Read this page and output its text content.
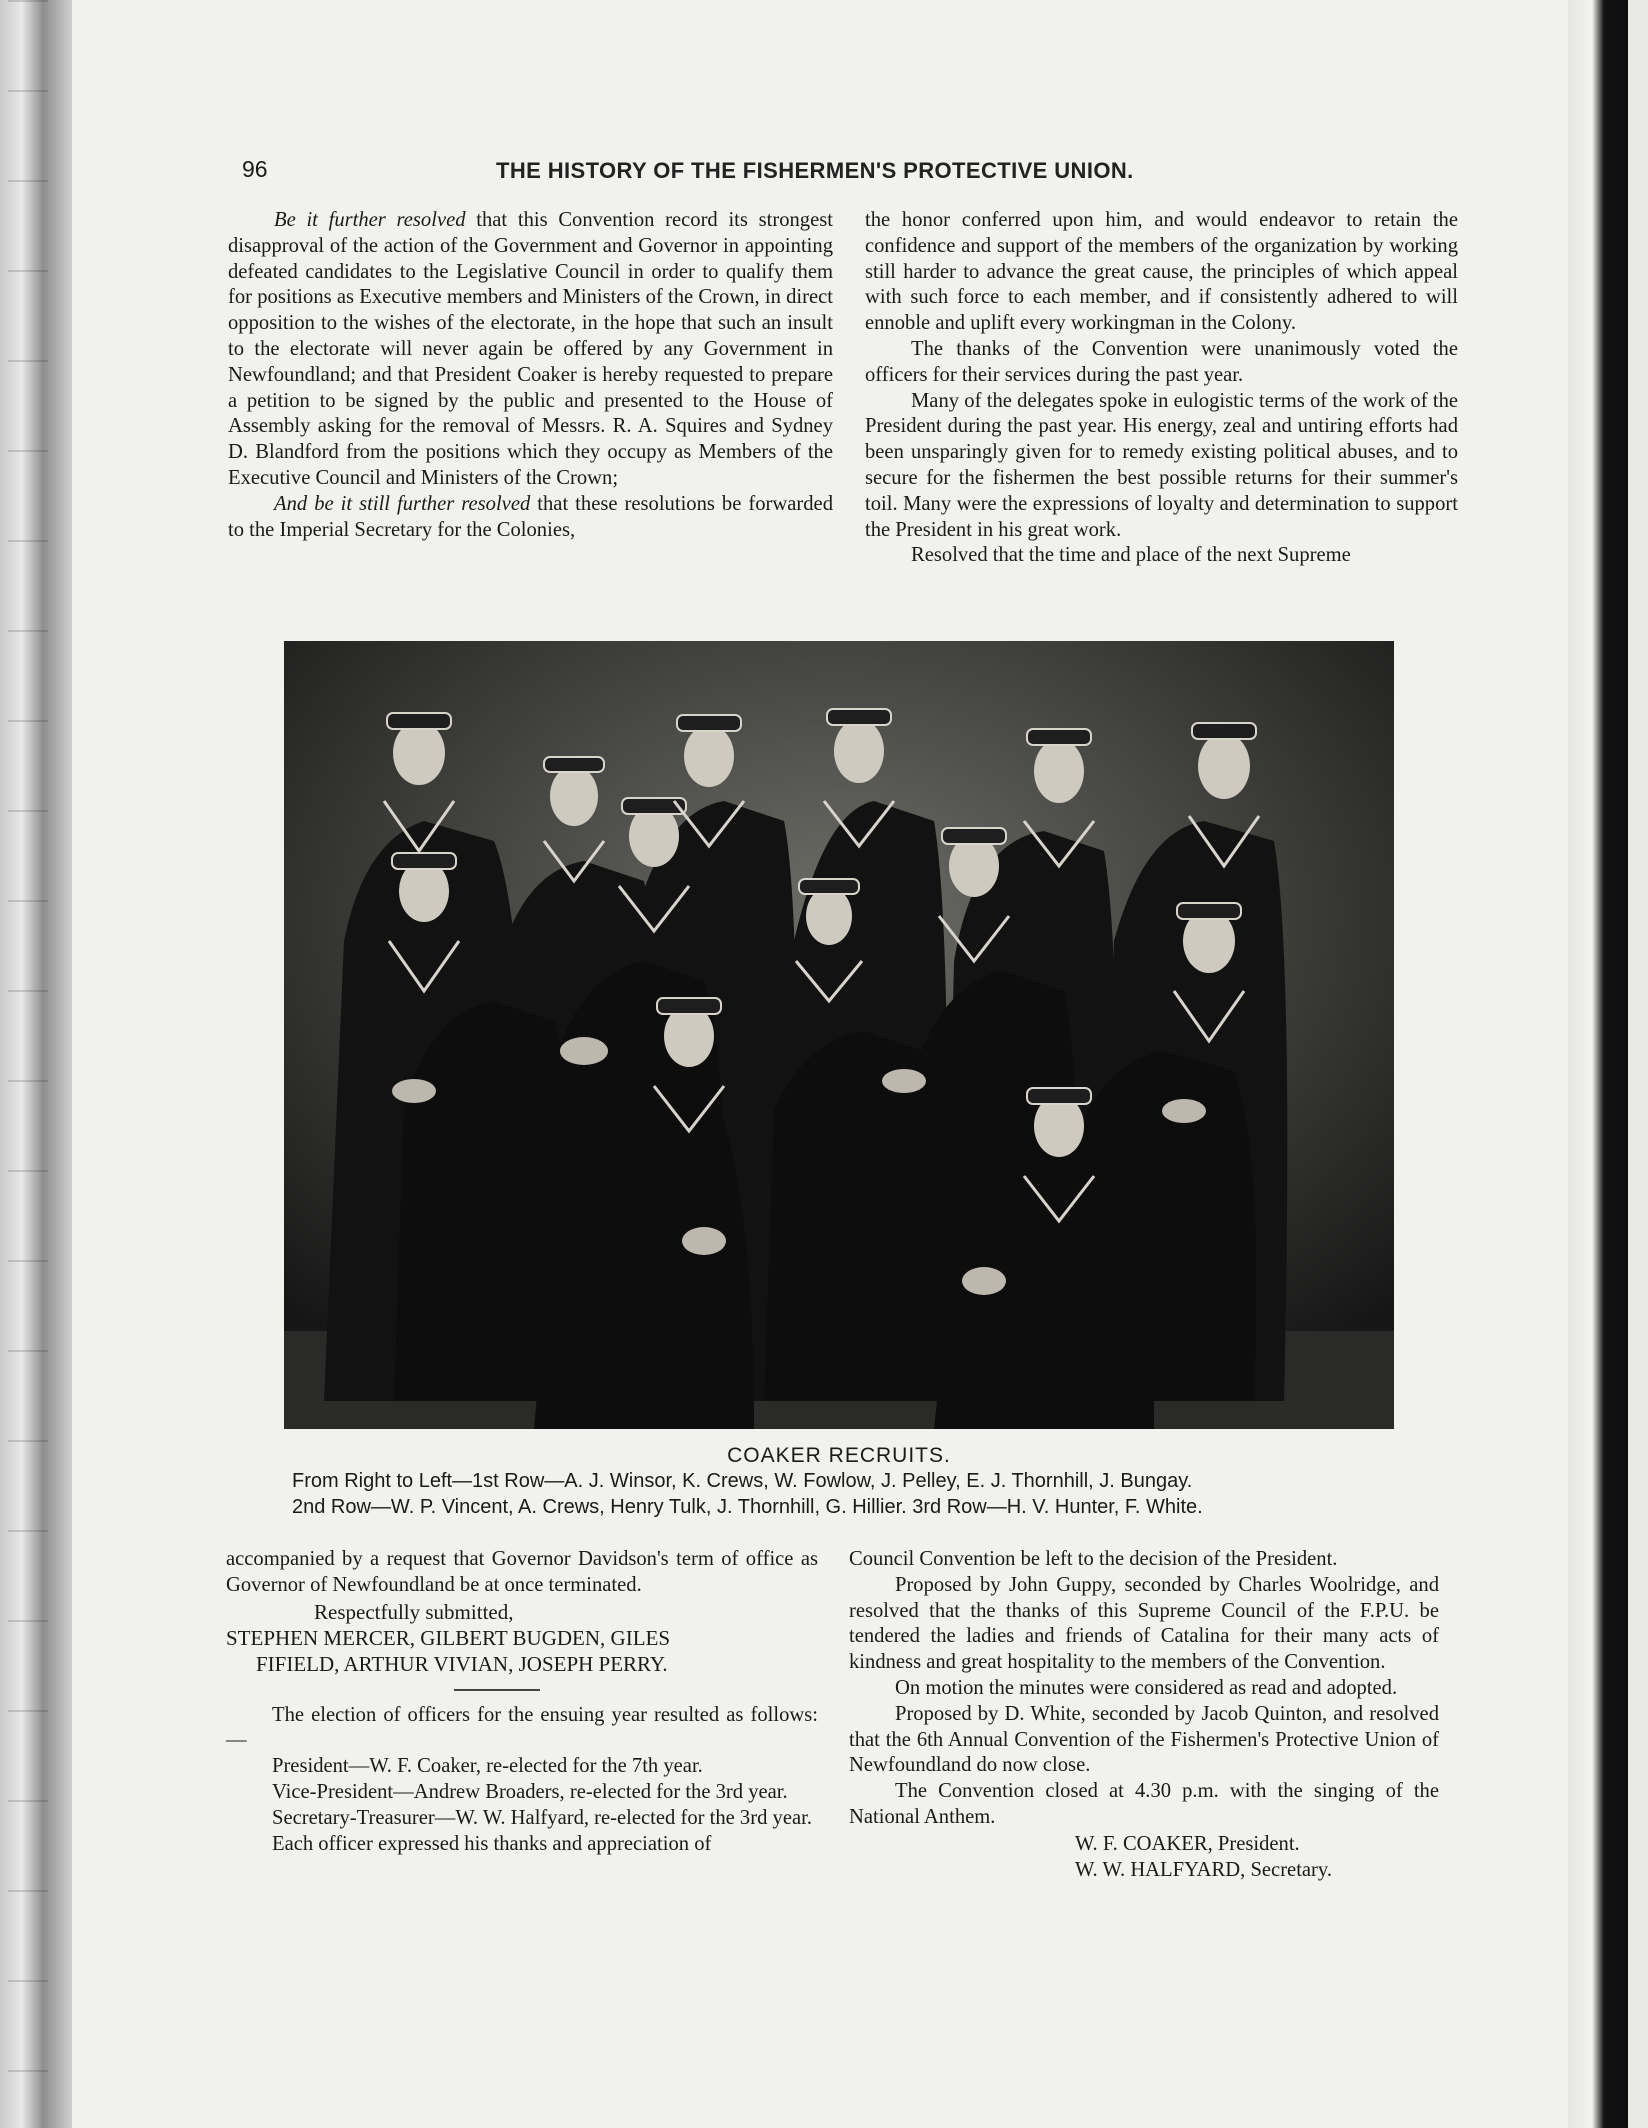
96	THE HISTORY OF THE FISHERMEN'S PROTECTIVE UNION.

Be it further resolved that this Convention record its strongest disapproval of the action of the Government and Governor in appointing defeated candidates to the Legislative Council in order to qualify them for positions as Executive members and Ministers of the Crown, in direct opposition to the wishes of the electorate, in the hope that such an insult to the electorate will never again be offered by any Government in Newfoundland; and that President Coaker is hereby requested to prepare a petition to be signed by the public and presented to the House of Assembly asking for the removal of Messrs. R. A. Squires and Sydney D. Blandford from the positions which they occupy as Members of the Executive Council and Ministers of the Crown;

And be it still further resolved that these resolutions be forwarded to the Imperial Secretary for the Colonies,

the honor conferred upon him, and would endeavor to retain the confidence and support of the members of the organization by working still harder to advance the great cause, the principles of which appeal with such force to each member, and if consistently adhered to will ennoble and uplift every workingman in the Colony.

The thanks of the Convention were unanimously voted the officers for their services during the past year.

Many of the delegates spoke in eulogistic terms of the work of the President during the past year. His energy, zeal and untiring efforts had been unsparingly given for to remedy existing political abuses, and to secure for the fishermen the best possible returns for their summer's toil. Many were the expressions of loyalty and determination to support the President in his great work.

Resolved that the time and place of the next Supreme

COAKER RECRUITS.
From Right to Left—1st Row—A. J. Winsor, K. Crews, W. Fowlow, J. Pelley, E. J. Thornhill, J. Bungay.
2nd Row—W. P. Vincent, A. Crews, Henry Tulk, J. Thornhill, G. Hillier. 3rd Row—H. V. Hunter, F. White.

accompanied by a request that Governor Davidson's term of office as Governor of Newfoundland be at once terminated.

Respectfully submitted,
STEPHEN MERCER, GILBERT BUGDEN, GILES
FIFIELD, ARTHUR VIVIAN, JOSEPH PERRY.

The election of officers for the ensuing year resulted as follows:—

President—W. F. Coaker, re-elected for the 7th year.

Vice-President—Andrew Broaders, re-elected for the 3rd year.

Secretary-Treasurer—W. W. Halfyard, re-elected for the 3rd year.

Each officer expressed his thanks and appreciation of

Council Convention be left to the decision of the President.

Proposed by John Guppy, seconded by Charles Woolridge, and resolved that the thanks of this Supreme Council of the F.P.U. be tendered the ladies and friends of Catalina for their many acts of kindness and great hospitality to the members of the Convention.

On motion the minutes were considered as read and adopted.

Proposed by D. White, seconded by Jacob Quinton, and resolved that the 6th Annual Convention of the Fishermen's Protective Union of Newfoundland do now close.

The Convention closed at 4.30 p.m. with the singing of the National Anthem.

W. F. COAKER, President.
W. W. HALFYARD, Secretary.
